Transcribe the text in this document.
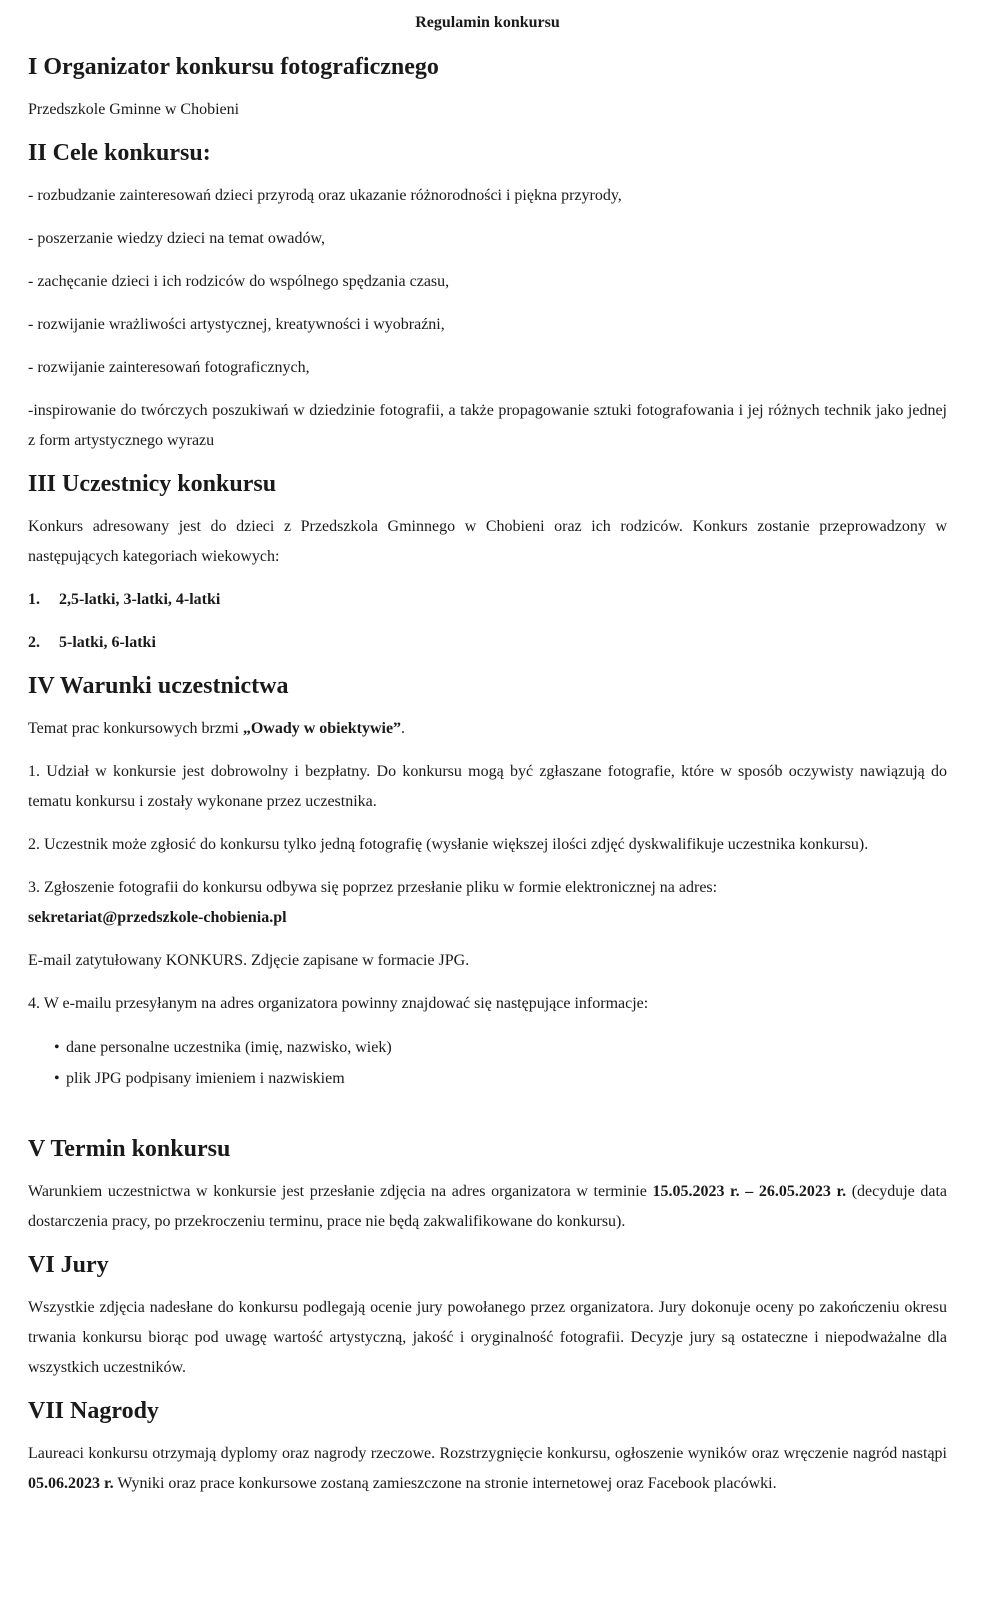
Regulamin konkursu
I Organizator konkursu fotograficznego

Przedszkole Gminne w Chobieni

II Cele konkursu:

- rozbudzanie zainteresowań dzieci przyrodą oraz ukazanie różnorodności i piękna przyrody,

- poszerzanie wiedzy dzieci na temat owadów,

- zachęcanie dzieci i ich rodziców do wspólnego spędzania czasu,

- rozwijanie wrażliwości artystycznej, kreatywności i wyobraźni,

- rozwijanie zainteresowań fotograficznych,

-inspirowanie do twórczych poszukiwań w dziedzinie fotografii, a także propagowanie sztuki fotografowania i jej różnych technik jako jednej z form artystycznego wyrazu

III Uczestnicy konkursu

Konkurs adresowany jest do dzieci z Przedszkola Gminnego w Chobieni oraz ich rodziców. Konkurs zostanie przeprowadzony w następujących kategoriach wiekowych:

1.	2,5-latki, 3-latki, 4-latki
2.	5-latki, 6-latki
IV Warunki uczestnictwa

Temat prac konkursowych brzmi „Owady w obiektywie”.

1. Udział w konkursie jest dobrowolny i bezpłatny. Do konkursu mogą być zgłaszane fotografie, które w sposób oczywisty nawiązują do tematu konkursu i zostały wykonane przez uczestnika.

2. Uczestnik może zgłosić do konkursu tylko jedną fotografię (wysłanie większej ilości zdjęć dyskwalifikuje uczestnika konkursu).

3. Zgłoszenie fotografii do konkursu odbywa się poprzez przesłanie pliku w formie elektronicznej na adres:
sekretariat@przedszkole-chobienia.pl

E-mail zatytułowany KONKURS. Zdjęcie zapisane w formacie JPG.

4. W e-mailu przesyłanym na adres organizatora powinny znajdować się następujące informacje:

• dane personalne uczestnika (imię, nazwisko, wiek)
• plik JPG podpisany imieniem i nazwiskiem
V Termin konkursu

Warunkiem uczestnictwa w konkursie jest przesłanie zdjęcia na adres organizatora w terminie 15.05.2023 r. – 26.05.2023 r. (decyduje data dostarczenia pracy, po przekroczeniu terminu, prace nie będą zakwalifikowane do konkursu).

VI Jury

Wszystkie zdjęcia nadesłane do konkursu podlegają ocenie jury powołanego przez organizatora. Jury dokonuje oceny po zakończeniu okresu trwania konkursu biorąc pod uwagę wartość artystyczną, jakość i oryginalność fotografii. Decyzje jury są ostateczne i niepodważalne dla wszystkich uczestników.

VII Nagrody

Laureaci konkursu otrzymają dyplomy oraz nagrody rzeczowe. Rozstrzygnięcie konkursu, ogłoszenie wyników oraz wręczenie nagród nastąpi 05.06.2023 r. Wyniki oraz prace konkursowe zostaną zamieszczone na stronie internetowej oraz Facebook placówki.
